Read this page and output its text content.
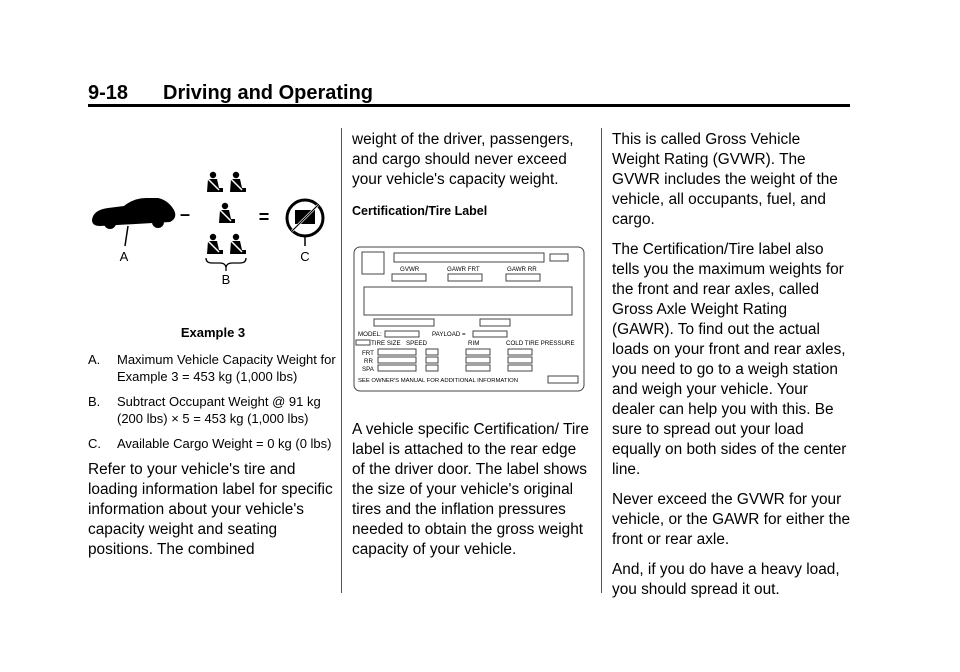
9-18 Driving and Operating
A
–
B
=
C
Example 3
A.	Maximum Vehicle Capacity Weight for Example 3 = 453 kg (1,000 lbs)
B.	Subtract Occupant Weight @ 91 kg (200 lbs) × 5 = 453 kg (1,000 lbs)
C.	Available Cargo Weight = 0 kg (0 lbs)

Refer to your vehicle's tire and loading information label for specific information about your vehicle's capacity weight and seating positions. The combined

weight of the driver, passengers, and cargo should never exceed your vehicle's capacity weight.

Certification/Tire Label
GVWR	GAWR FRT	GAWR RR
MODEL:	PAYLOAD =
TIRE SIZE SPEED	RIM	COLD TIRE PRESSURE
FRT
RR
SPA
SEE OWNER'S MANUAL FOR ADDITIONAL INFORMATION

A vehicle specific Certification/ Tire label is attached to the rear edge of the driver door. The label shows the size of your vehicle's original tires and the inflation pressures needed to obtain the gross weight capacity of your vehicle.

This is called Gross Vehicle Weight Rating (GVWR). The GVWR includes the weight of the vehicle, all occupants, fuel, and cargo.

The Certification/Tire label also tells you the maximum weights for the front and rear axles, called Gross Axle Weight Rating (GAWR). To find out the actual loads on your front and rear axles, you need to go to a weigh station and weigh your vehicle. Your dealer can help you with this. Be sure to spread out your load equally on both sides of the center line.

Never exceed the GVWR for your vehicle, or the GAWR for either the front or rear axle.

And, if you do have a heavy load, you should spread it out.
